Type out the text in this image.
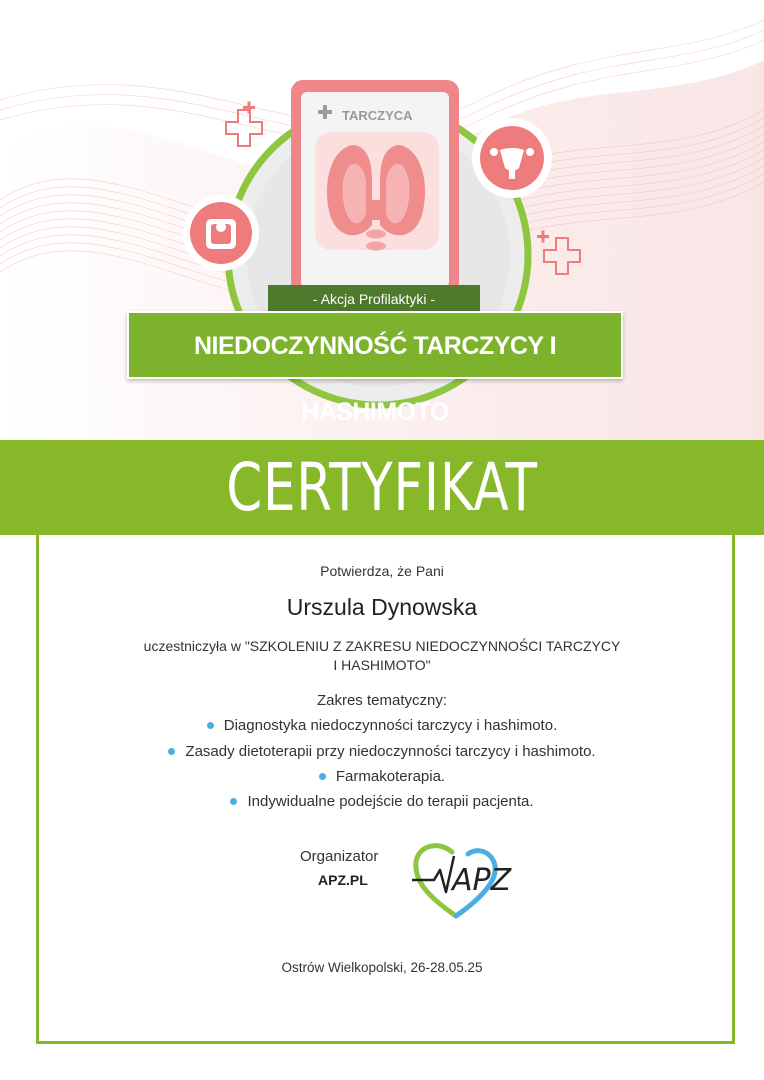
TARCZYCA
- Akcja Profilaktyki -
NIEDOCZYNNOŚĆ TARCZYCY I HASHIMOTO
CERTYFIKAT
Potwierdza, że Pani
Urszula Dynowska
uczestniczyła w "SZKOLENIU Z ZAKRESU NIEDOCZYNNOŚCI TARCZYCY
I HASHIMOTO"
Zakres tematyczny:
Diagnostyka niedoczynności tarczycy i hashimoto.
Zasady dietoterapii przy niedoczynności tarczycy i hashimoto.
Farmakoterapia.
Indywidualne podejście do terapii pacjenta.
Organizator
APZ.PL	APZ
Ostrów Wielkopolski, 26-28.05.25
